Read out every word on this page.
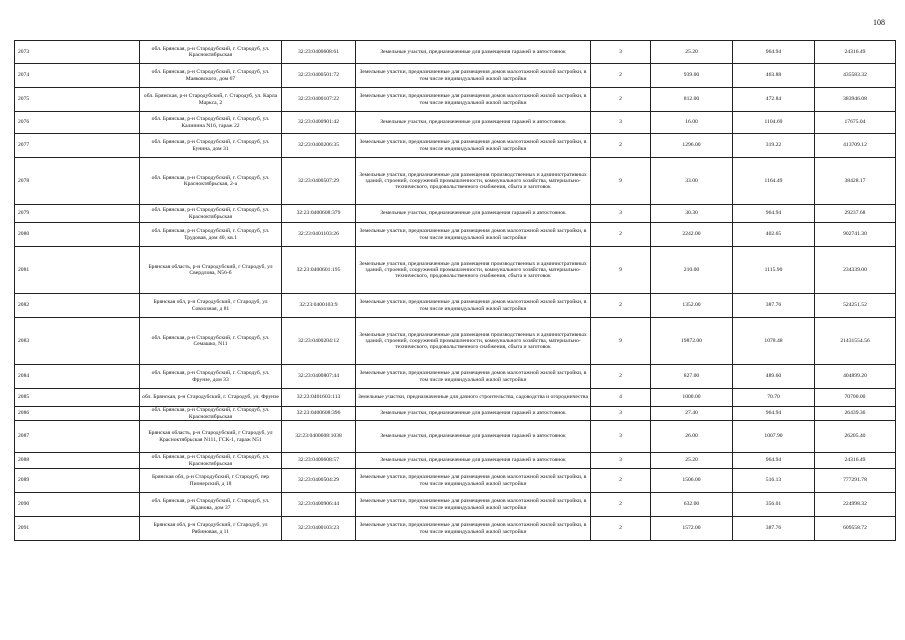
108
2073	обл. Брянская, р-н Стародубский, г. Стародуб, ул. Красноктябрьская	32:23:0400608:61	Земельные участки, предназначенные для размещения гаражей и автостоянок	3	25.20	964.94	24316.49
2074	обл. Брянская, р-н Стародубский, г. Стародуб, ул. Маяковского, дом 67	32:23:0400501:72	Земельные участки, предназначенные для размещения домов малоэтажной жилой застройки, в том числе индивидуальной жилой застройки	2	939.00	463.88	435583.32
2075	обл. Брянская, р-н Стародубский, г. Стародуб, ул. Карла Маркса, 2	32:23:0400107:22	Земельные участки, предназначенные для размещения домов малоэтажной жилой застройки, в том числе индивидуальной жилой застройки	2	812.00	472.84	383946.08
2076	обл. Брянская, р-н Стародубский, г. Стародуб, ул. Калинина N16, гараж 22	32:23:0400901:42	Земельные участки, предназначенные для размещения гаражей и автостоянок	3	16.00	1104.69	17675.04
2077	обл. Брянская, р-н Стародубский, г. Стародуб, ул. Бунина, дом 31	32:23:0400206:35	Земельные участки, предназначенные для размещения домов малоэтажной жилой застройки, в том числе индивидуальной жилой застройки	2	1296.00	319.22	413709.12
2078	обл. Брянская, р-н Стародубский, г. Стародуб, ул. Красноктябрьская, 2-а	32:23:0400507:29	Земельные участки, предназначенные для размещения производственных и административных зданий, строений, сооружений промышленности, коммунального хозяйства, материально-технического, продовольственного снабжения, сбыта и заготовок	9	33.00	1164.49	38428.17
2079	обл. Брянская, р-н Стародубский, г. Стародуб, ул. Красноктябрьская	32:23:0400608:379	Земельные участки, предназначенные для размещения гаражей и автостоянок	3	30.30	964.94	29237.68
2080	обл. Брянская, р-н Стародубский, г. Стародуб, ул. Трудовая, дом 40, кв.1	32:23:0401103:26	Земельные участки, предназначенные для размещения домов малоэтажной жилой застройки, в том числе индивидуальной жилой застройки	2	2242.00	402.65	902741.30
2081	Брянская область, р-н Стародубский, г Стародуб, ул Свердлова, N56-б	32:23:0400601:195	Земельные участки, предназначенные для размещения производственных и административных зданий, строений, сооружений промышленности, коммунального хозяйства, материально-технического, продовольственного снабжения, сбыта и заготовок	9	210.00	1115.90	234339.00
2082	Брянская обл, р-н Стародубский, г Стародуб, ул Совхозная, д 81	32:23:0400103:9	Земельные участки, предназначенные для размещения домов малоэтажной жилой застройки, в том числе индивидуальной жилой застройки	2	1352.00	387.76	524251.52
2083	обл. Брянская, р-н Стародубский, г. Стародуб, ул. Семашко, N11	32:23:0400204:12	Земельные участки, предназначенные для размещения производственных и административных зданий, строений, сооружений промышленности, коммунального хозяйства, материально-технического, продовольственного снабжения, сбыта и заготовок	9	19872.00	1078.48	21431554.56
2084	обл. Брянская, р-н Стародубский, г. Стародуб, ул. Фрунзе, дом 33	32:23:0400807:44	Земельные участки, предназначенные для размещения домов малоэтажной жилой застройки, в том числе индивидуальной жилой застройки	2	827.00	489.60	404899.20
2085	обл. Брянская, р-н Стародубский, г. Стародуб, ул. Фрунзе	32:23:0401603:113	Земельные участки, предназначенные для дачного строительства, садоводства и огородничества	4	1000.00	70.70	70700.00
2086	обл. Брянская, р-н Стародубский, г. Стародуб, ул. Красноктябрьская	32:23:0400608:396	Земельные участки, предназначенные для размещения гаражей и автостоянок	3	27.40	964.94	26439.36
2087	Брянская область, р-н Стародубский, г Стародуб, ул Красноктябрьская N111, ГСК-1, гараж N51	32:23:0400608:1038	Земельные участки, предназначенные для размещения гаражей и автостоянок	3	26.00	1007.90	26205.40
2088	обл. Брянская, р-н Стародубский, г. Стародуб, ул. Красноктябрьская	32:23:0400608:57	Земельные участки, предназначенные для размещения гаражей и автостоянок	3	25.20	964.94	24316.49
2089	Брянская обл, р-н Стародубский, г Стародуб, пер Пионерский, д 18	32:23:0400504:29	Земельные участки, предназначенные для размещения домов малоэтажной жилой застройки, в том числе индивидуальной жилой застройки	2	1506.00	516.13	777291.78
2090	обл. Брянская, р-н Стародубский, г. Стародуб, ул. Жданова, дом 37	32:23:0400906:44	Земельные участки, предназначенные для размещения домов малоэтажной жилой застройки, в том числе индивидуальной жилой застройки	2	632.00	356.01	224998.32
2091	Брянская обл, р-н Стародубский, г Стародуб, ул Рябиновая, д 11	32:23:0400103:23	Земельные участки, предназначенные для размещения домов малоэтажной жилой застройки, в том числе индивидуальной жилой застройки	2	1572.00	387.76	609558.72
